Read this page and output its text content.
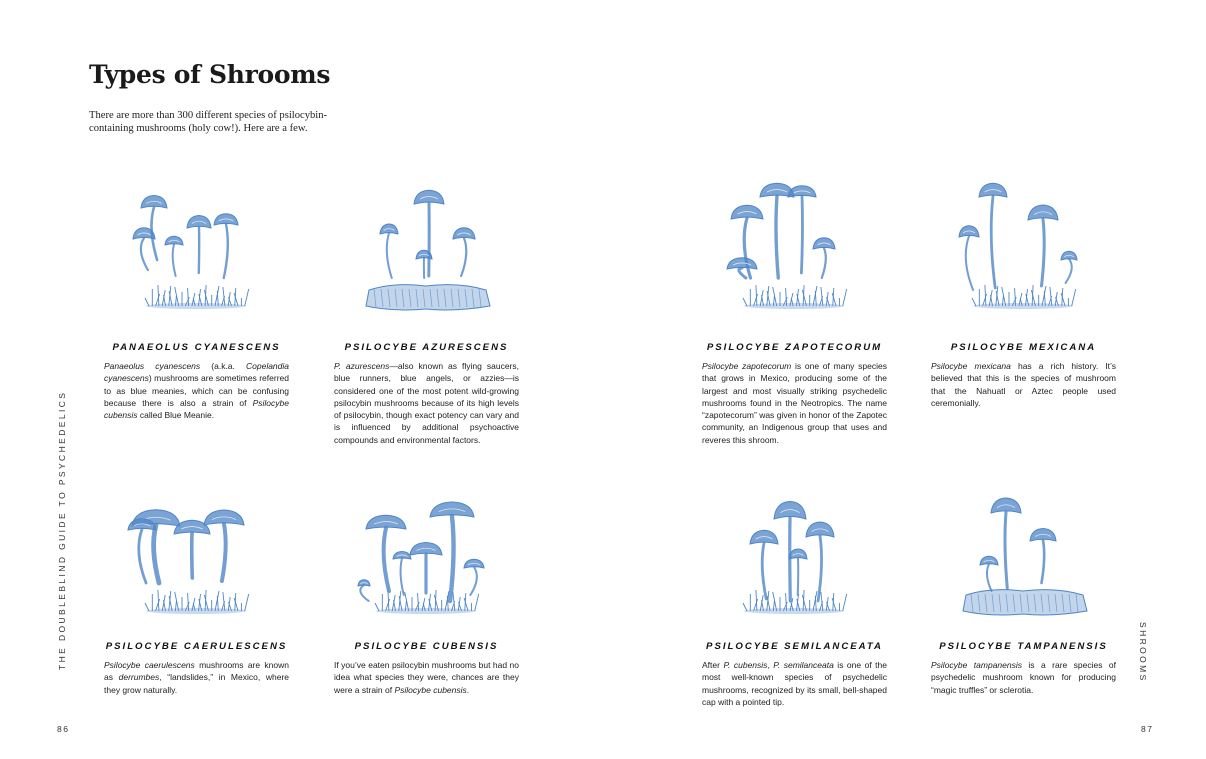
Types of Shrooms

There are more than 300 different species of psilocybin-containing mushrooms (holy cow!). Here are a few.

THE DOUBLEBLIND GUIDE TO PSYCHEDELICS	SHROOMS
86	87
PANAEOLUS CYANESCENS

Panaeolus cyanescens (a.k.a. Copelandia cyanescens) mushrooms are sometimes referred to as blue meanies, which can be confusing because there is also a strain of Psilocybe cubensis called Blue Meanie.

PSILOCYBE AZURESCENS

P. azurescens—also known as flying saucers, blue runners, blue angels, or azzies—is considered one of the most potent wild-growing psilocybin mushrooms because of its high levels of psilocybin, though exact potency can vary and is influenced by additional psychoactive compounds and environmental factors.

PSILOCYBE ZAPOTECORUM

Psilocybe zapotecorum is one of many species that grows in Mexico, producing some of the largest and most visually striking psychedelic mushrooms found in the Neotropics. The name “zapotecorum” was given in honor of the Zapotec community, an Indigenous group that uses and reveres this shroom.

PSILOCYBE MEXICANA

Psilocybe mexicana has a rich history. It’s believed that this is the species of mushroom that the Nahuatl or Aztec people used ceremonially.

PSILOCYBE CAERULESCENS

Psilocybe caerulescens mushrooms are known as derrumbes, “landslides,” in Mexico, where they grow naturally.

PSILOCYBE CUBENSIS

If you’ve eaten psilocybin mushrooms but had no idea what species they were, chances are they were a strain of Psilocybe cubensis.

PSILOCYBE SEMILANCEATA

After P. cubensis, P. semilanceata is one of the most well-known species of psychedelic mushrooms, recognized by its small, bell-shaped cap with a pointed tip.

PSILOCYBE TAMPANENSIS

Psilocybe tampanensis is a rare species of psychedelic mushroom known for producing “magic truffles” or sclerotia.
